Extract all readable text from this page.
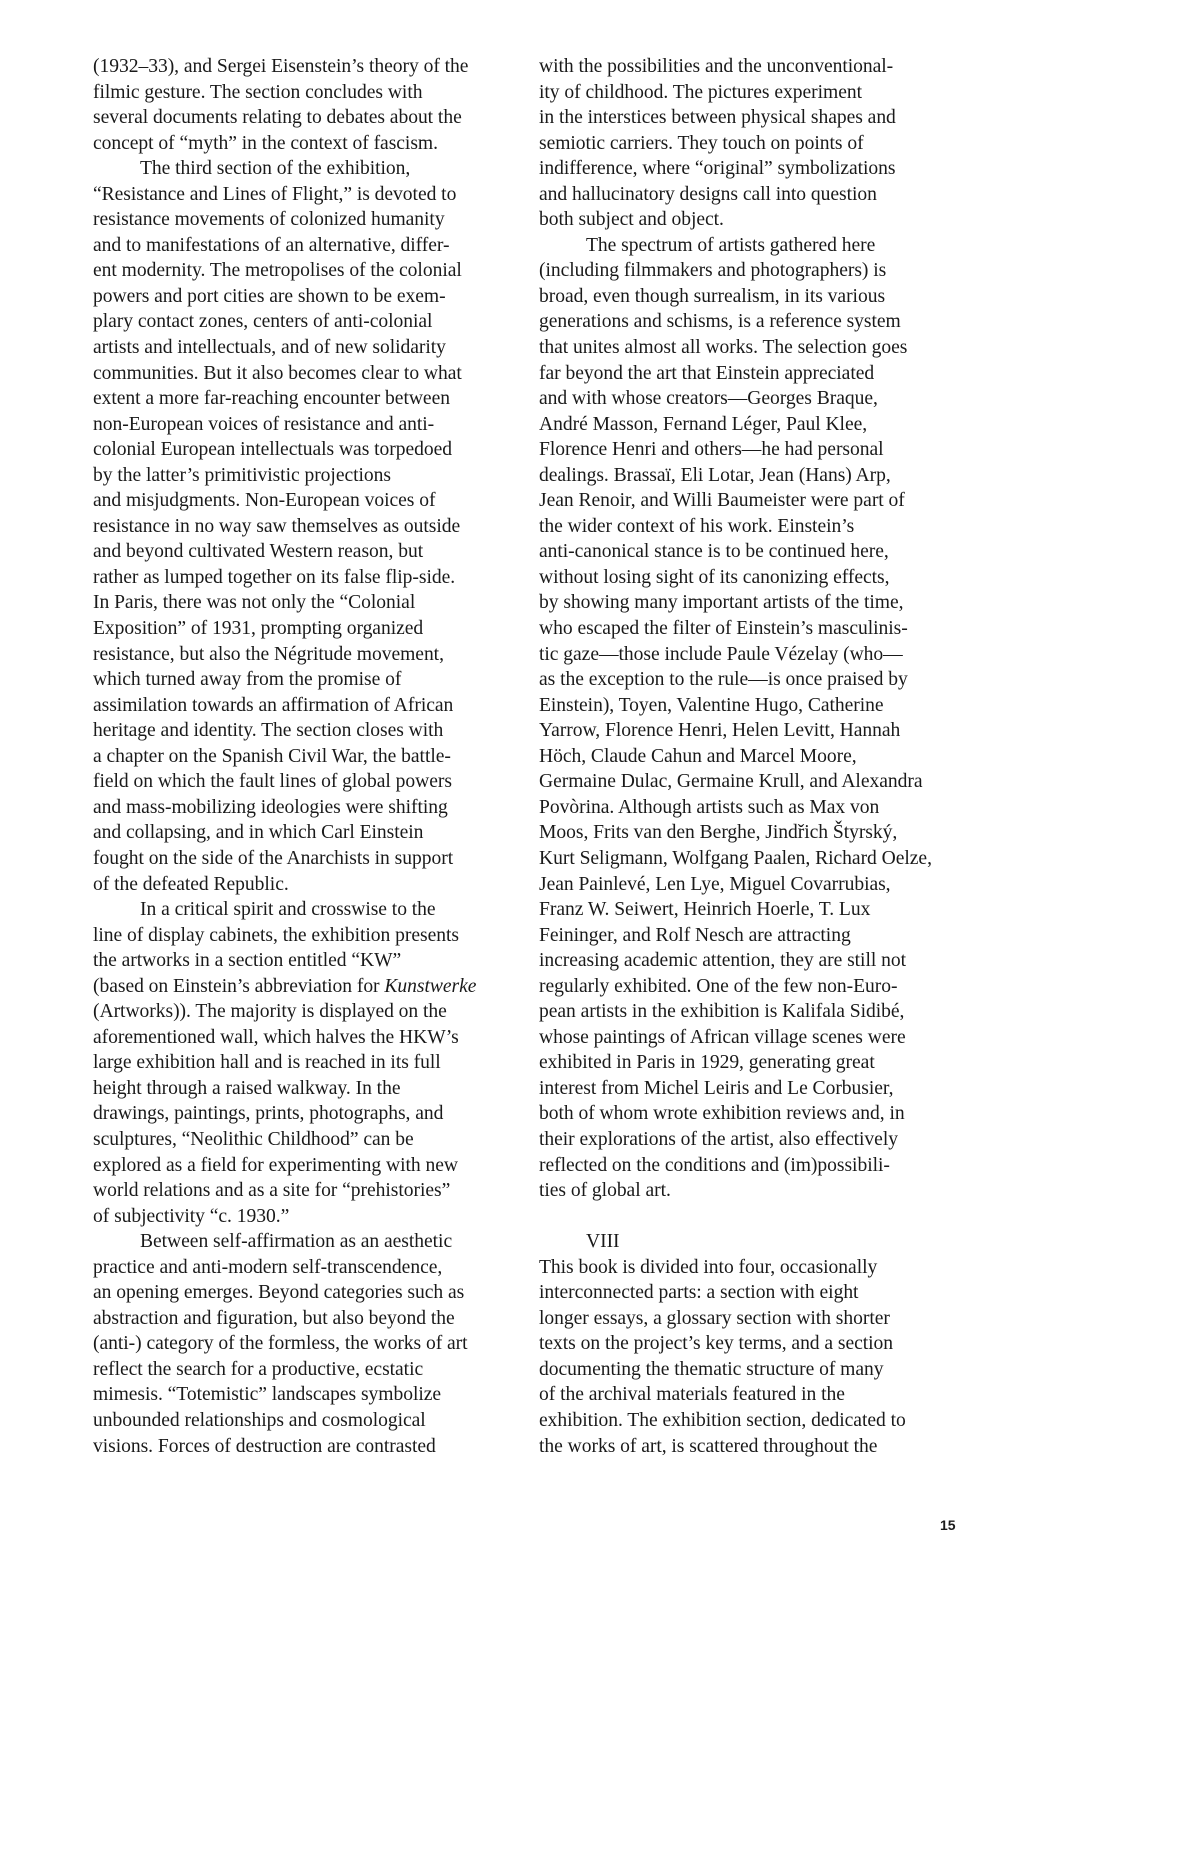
(1932–33), and Sergei Eisenstein’s theory of the
filmic gesture. The section concludes with
several documents relating to debates about the
concept of “myth” in the context of fascism.
The third section of the exhibition,
“Resistance and Lines of Flight,” is devoted to
resistance movements of colonized humanity
and to manifestations of an alternative, differ-
ent modernity. The metropolises of the colonial
powers and port cities are shown to be exem-
plary contact zones, centers of anti-colonial
artists and intellectuals, and of new solidarity
communities. But it also becomes clear to what
extent a more far-reaching encounter between
non-European voices of resistance and anti-
colonial European intellectuals was torpedoed
by the latter’s primitivistic projections
and misjudgments. Non-European voices of
resistance in no way saw themselves as outside
and beyond cultivated Western reason, but
rather as lumped together on its false flip-side.
In Paris, there was not only the “Colonial
Exposition” of 1931, prompting organized
resistance, but also the Négritude movement,
which turned away from the promise of
assimilation towards an affirmation of African
heritage and identity. The section closes with
a chapter on the Spanish Civil War, the battle-
field on which the fault lines of global powers
and mass-mobilizing ideologies were shifting
and collapsing, and in which Carl Einstein
fought on the side of the Anarchists in support
of the defeated Republic.
In a critical spirit and crosswise to the
line of display cabinets, the exhibition presents
the artworks in a section entitled “KW”
(based on Einstein’s abbreviation for Kunstwerke
(Artworks)). The majority is displayed on the
aforementioned wall, which halves the HKW’s
large exhibition hall and is reached in its full
height through a raised walkway. In the
drawings, paintings, prints, photographs, and
sculptures, “Neolithic Childhood” can be
explored as a field for experimenting with new
world relations and as a site for “prehistories”
of subjectivity “c. 1930.”
Between self-affirmation as an aesthetic
practice and anti-modern self-transcendence,
an opening emerges. Beyond categories such as
abstraction and figuration, but also beyond the
(anti-) category of the formless, the works of art
reflect the search for a productive, ecstatic
mimesis. “Totemistic” landscapes symbolize
unbounded relationships and cosmological
visions. Forces of destruction are contrasted
with the possibilities and the unconventional-
ity of childhood. The pictures experiment
in the interstices between physical shapes and
semiotic carriers. They touch on points of
indifference, where “original” symbolizations
and hallucinatory designs call into question
both subject and object.
The spectrum of artists gathered here
(including filmmakers and photographers) is
broad, even though surrealism, in its various
generations and schisms, is a reference system
that unites almost all works. The selection goes
far beyond the art that Einstein appreciated
and with whose creators—Georges Braque,
André Masson, Fernand Léger, Paul Klee,
Florence Henri and others—he had personal
dealings. Brassaï, Eli Lotar, Jean (Hans) Arp,
Jean Renoir, and Willi Baumeister were part of
the wider context of his work. Einstein’s
anti-canonical stance is to be continued here,
without losing sight of its canonizing effects,
by showing many important artists of the time,
who escaped the filter of Einstein’s masculinis-
tic gaze—those include Paule Vézelay (who—
as the exception to the rule—is once praised by
Einstein), Toyen, Valentine Hugo, Catherine
Yarrow, Florence Henri, Helen Levitt, Hannah
Höch, Claude Cahun and Marcel Moore,
Germaine Dulac, Germaine Krull, and Alexandra
Povòrina. Although artists such as Max von
Moos, Frits van den Berghe, Jindřich Štyrský,
Kurt Seligmann, Wolfgang Paalen, Richard Oelze,
Jean Painlevé, Len Lye, Miguel Covarrubias,
Franz W. Seiwert, Heinrich Hoerle, T. Lux
Feininger, and Rolf Nesch are attracting
increasing academic attention, they are still not
regularly exhibited. One of the few non-Euro-
pean artists in the exhibition is Kalifala Sidibé,
whose paintings of African village scenes were
exhibited in Paris in 1929, generating great
interest from Michel Leiris and Le Corbusier,
both of whom wrote exhibition reviews and, in
their explorations of the artist, also effectively
reflected on the conditions and (im)possibili-
ties of global art.
VIII
This book is divided into four, occasionally
interconnected parts: a section with eight
longer essays, a glossary section with shorter
texts on the project’s key terms, and a section
documenting the thematic structure of many
of the archival materials featured in the
exhibition. The exhibition section, dedicated to
the works of art, is scattered throughout the
15
